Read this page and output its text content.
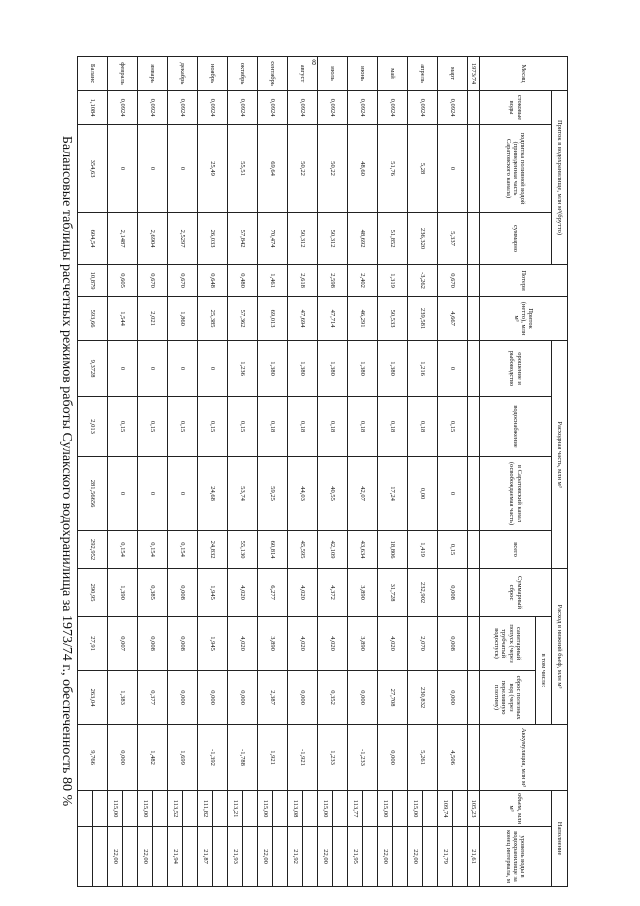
8
Месяц	Приток в водохранилище, млн м³(брутто)			Потери	Приток (нетто), млн м³	Расходная часть, млн м³				Расход в нижний бьеф, млн м³			Аккумуляция, млн м³	Наполнение	
	стоковые воды	подпитка поливной водой (приведенная часть Саратовского канала)	суммарно			орошение и рыбоводство	водоснабжение	в Саратовский канал (освобождаемая часть)	всего	Суммарный сброс	в том числе:			объем, млн м³	уровень воды в водохранилище за конец интервала, м
											санитарный попуск (через трубчатый водоспуск)	сброс полезных вод (через переливную плотину)			
1973/74														105,23	21,61
март	0,0924	0	5,337	0,670	4,667	0	0,15	0	0,15	0,008	0,008	0,000	4,506		
														109,74	21,79
апрель	0,0924	5,28	236,320	-3,262	239,581	1,216	0,18	0,00	1,419	232,902	2,070	230,832	5,261		
														115,00	22,00
май	0,0924	51,76	51,852	1,319	50,533	1,380	0,18	17,24	18,806	31,728	4,020	27,708	0,000		
														115,00	22,00
июнь	0,0924	48,60	48,692	2,402	46,291	1,380	0,18	42,07	43,634	3,890	3,890	0,000	-1,233		
														113,77	21,95
июль	0,0924	50,22	50,312	2,598	47,714	1,380	0,18	40,55	42,109	4,372	4,020	0,352	1,233		
														115,00	22,00
август	0,0924	50,22	50,312	2,618	47,694	1,380	0,18	44,03	45,595	4,020	4,020	0,000	-1,921		
														113,08	21,92
сентябрь	0,0924	69,64	70,474	1,461	69,013	1,380	0,18	59,25	60,814	6,277	3,890	2,387	1,921		
														115,00	22,00
октябрь	0,0924	55,51	57,842	0,480	57,362	1,236	0,15	53,74	55,130	4,020	4,020	0,000	-1,788		
														113,21	21,93
ноябрь	0,0924	25,49	26,033	0,648	25,385	0	0,15	24,68	24,832	1,945	1,945	0,000	-1,392		
														111,82	21,87
декабрь	0,0924	0	2,5297	0,670	1,860	0	0,15	0	0,154	0,008	0,008	0,000	1,699		
														113,52	21,94
январь	0,0924	0	2,6904	0,670	2,021	0	0,15	0	0,154	0,385	0,008	0,377	1,482		
														115,00	22,00
февраль	0,0924	0	2,1487	0,605	1,544	0	0,15	0	0,154	1,390	0,007	1,383	0,000		
														115,00	22,00
Баланс	1,1084	354,63	604,54	10,879	593,66	9,3728	2,013	281,56656	292,952	290,95	27,91	263,04	9,766		

Балансовые таблицы расчетных режимов работы Сулакского водохранилища за 1973/74 г., обеспеченность 80 %
